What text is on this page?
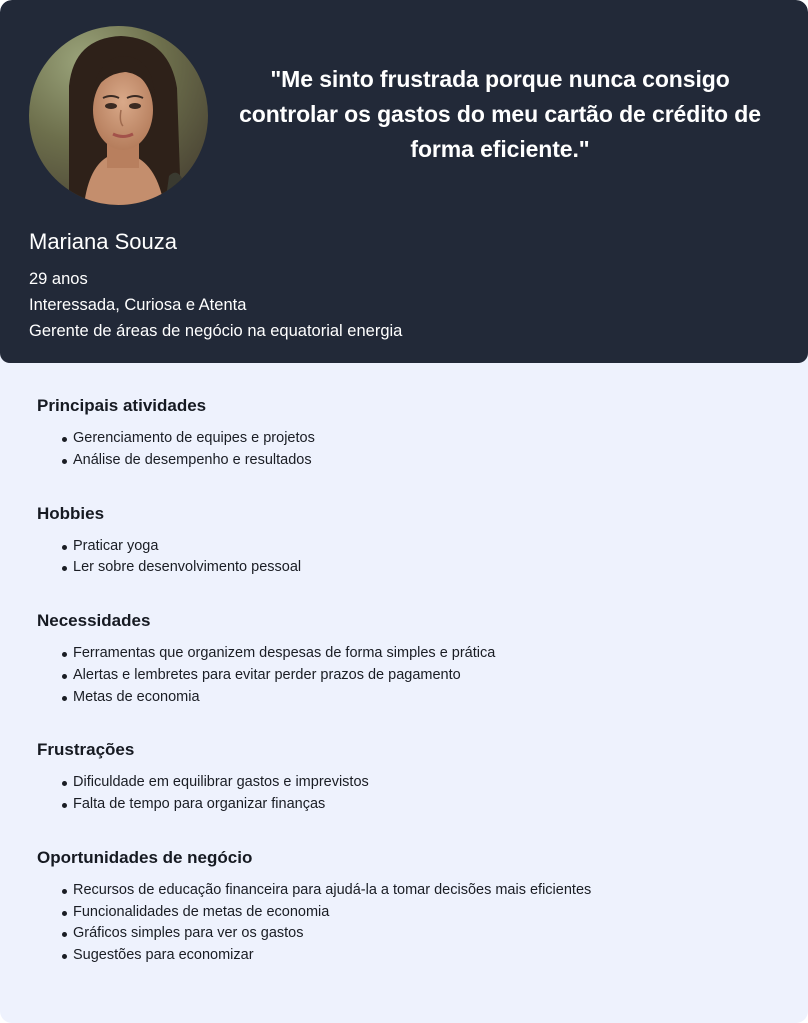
"Me sinto frustrada porque nunca consigo controlar os gastos do meu cartão de crédito de forma eficiente."

Mariana Souza
29 anos
Interessada, Curiosa e Atenta
Gerente de áreas de negócio na equatorial energia
Principais atividades
Gerenciamento de equipes e projetos
Análise de desempenho e resultados
Hobbies
Praticar yoga
Ler sobre desenvolvimento pessoal
Necessidades
Ferramentas que organizem despesas de forma simples e prática
Alertas e lembretes para evitar perder prazos de pagamento
Metas de economia
Frustrações
Dificuldade em equilibrar gastos e imprevistos
Falta de tempo para organizar finanças
Oportunidades de negócio
Recursos de educação financeira para ajudá-la a tomar decisões mais eficientes
Funcionalidades de metas de economia
Gráficos simples para ver os gastos
Sugestões para economizar
